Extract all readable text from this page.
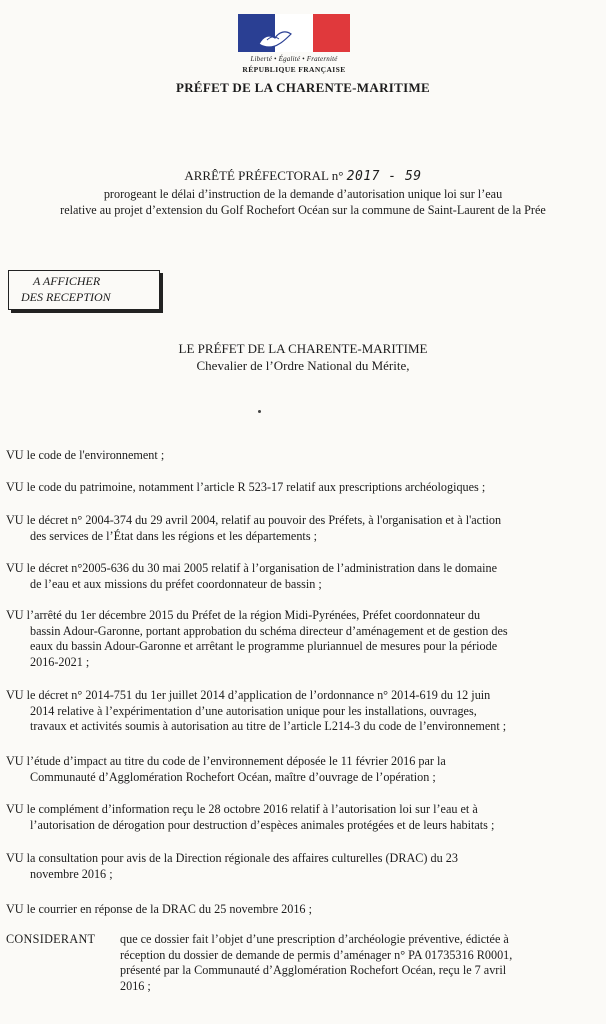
Liberté • Égalité • Fraternité
RÉPUBLIQUE FRANÇAISE
PRÉFET DE LA CHARENTE-MARITIME
ARRÊTÉ PRÉFECTORAL n° 2017 - 59
prorogeant le délai d’instruction de la demande d’autorisation unique loi sur l’eau
relative au projet d’extension du Golf Rochefort Océan sur la commune de Saint-Laurent de la Prée
A AFFICHER
DES RECEPTION
LE PRÉFET DE LA CHARENTE-MARITIME
Chevalier de l’Ordre National du Mérite,
VU le code de l'environnement ;
VU le code du patrimoine, notamment l’article R 523-17 relatif aux prescriptions archéologiques ;
VU le décret n° 2004-374 du 29 avril 2004, relatif au pouvoir des Préfets, à l'organisation et à l'action
des services de l’État dans les régions et les départements ;
VU le décret n°2005-636 du 30 mai 2005 relatif à l’organisation de l’administration dans le domaine
de l’eau et aux missions du préfet coordonnateur de bassin ;
VU l’arrêté du 1er décembre 2015 du Préfet de la région Midi-Pyrénées, Préfet coordonnateur du
bassin Adour-Garonne, portant approbation du schéma directeur d’aménagement et de gestion des
eaux du bassin Adour-Garonne et arrêtant le programme pluriannuel de mesures pour la période
2016-2021 ;
VU le décret n° 2014-751 du 1er juillet 2014 d’application de l’ordonnance n° 2014-619 du 12 juin
2014 relative à l’expérimentation d’une autorisation unique pour les installations, ouvrages,
travaux et activités soumis à autorisation au titre de l’article L214-3 du code de l’environnement ;
VU l’étude d’impact au titre du code de l’environnement déposée le 11 février 2016 par la
Communauté d’Agglomération Rochefort Océan, maître d’ouvrage de l’opération ;
VU le complément d’information reçu le 28 octobre 2016 relatif à l’autorisation loi sur l’eau et à
l’autorisation de dérogation pour destruction d’espèces animales protégées et de leurs habitats ;
VU la consultation pour avis de la Direction régionale des affaires culturelles (DRAC) du 23
novembre 2016 ;
VU le courrier en réponse de la DRAC du 25 novembre 2016 ;
CONSIDERANT que ce dossier fait l’objet d’une prescription d’archéologie préventive, édictée à
réception du dossier de demande de permis d’aménager n° PA 01735316 R0001,
présenté par la Communauté d’Agglomération Rochefort Océan, reçu le 7 avril
2016 ;
